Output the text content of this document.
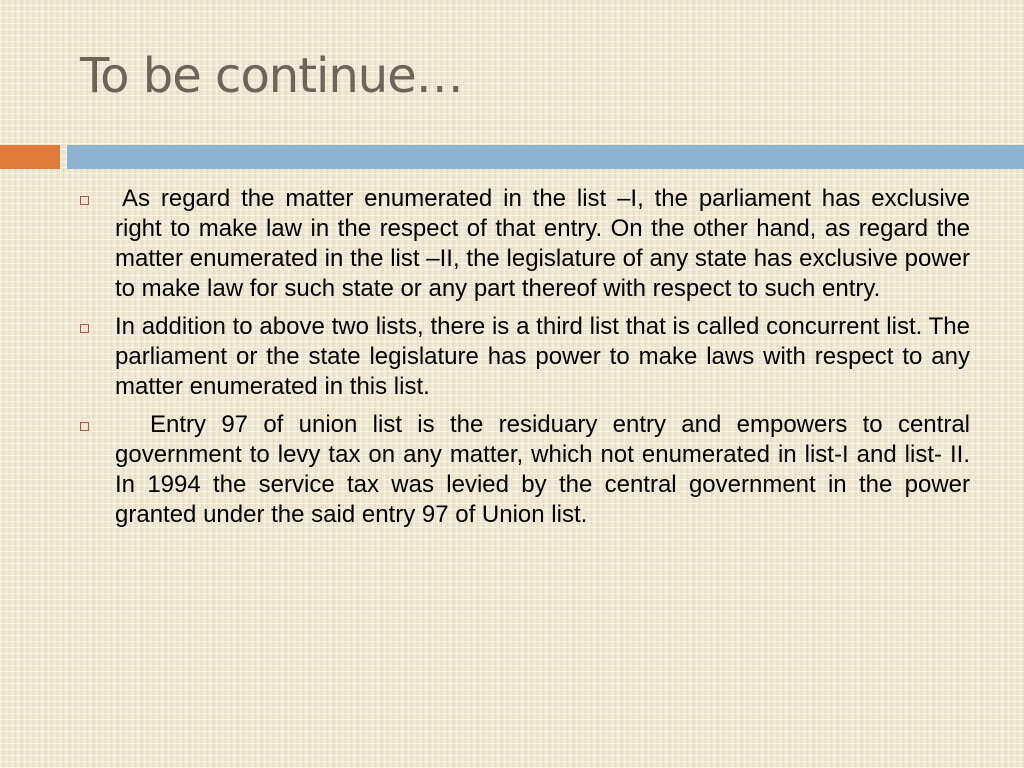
To be continue…
As regard the matter enumerated in the list –I, the parliament has exclusive right to make law in the respect of that entry. On the other hand, as regard the matter enumerated in the list –II, the legislature of any state has exclusive power to make law for such state or any part thereof with respect to such entry.
In addition to above two lists, there is a third list that is called concurrent list. The parliament or the state legislature has power to make laws with respect to any matter enumerated in this list.
Entry 97 of union list is the residuary entry and empowers to central government to levy tax on any matter, which not enumerated in list-I and list- II. In 1994 the service tax was levied by the central government in the power granted under the said entry 97 of Union list.
